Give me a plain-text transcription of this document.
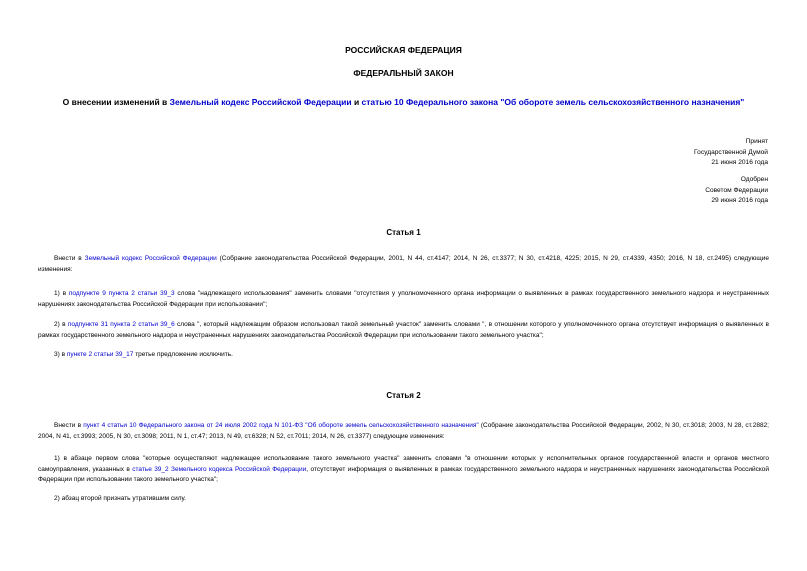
РОССИЙСКАЯ ФЕДЕРАЦИЯ
ФЕДЕРАЛЬНЫЙ ЗАКОН
О внесении изменений в Земельный кодекс Российской Федерации и статью 10 Федерального закона "Об обороте земель сельскохозяйственного назначения"
Принят
Государственной Думой
21 июня 2016 года
Одобрен
Советом Федерации
29 июня 2016 года
Статья 1
Внести в Земельный кодекс Российской Федерации (Собрание законодательства Российской Федерации, 2001, N 44, ст.4147; 2014, N 26, ст.3377; N 30, ст.4218, 4225; 2015, N 29, ст.4339, 4350; 2016, N 18, ст.2495) следующие изменения:
1) в подпункте 9 пункта 2 статьи 39_3 слова "надлежащего использования" заменить словами "отсутствия у уполномоченного органа информации о выявленных в рамках государственного земельного надзора и неустраненных нарушениях законодательства Российской Федерации при использовании";
2) в подпункте 31 пункта 2 статьи 39_6 слова ", который надлежащим образом использовал такой земельный участок" заменить словами ", в отношении которого у уполномоченного органа отсутствует информация о выявленных в рамках государственного земельного надзора и неустраненных нарушениях законодательства Российской Федерации при использовании такого земельного участка";
3) в пункте 2 статьи 39_17 третье предложение исключить.
Статья 2
Внести в пункт 4 статьи 10 Федерального закона от 24 июля 2002 года N 101-ФЗ "Об обороте земель сельскохозяйственного назначения" (Собрание законодательства Российской Федерации, 2002, N 30, ст.3018; 2003, N 28, ст.2882; 2004, N 41, ст.3993; 2005, N 30, ст.3098; 2011, N 1, ст.47; 2013, N 49, ст.6328; N 52, ст.7011; 2014, N 26, ст.3377) следующие изменения:
1) в абзаце первом слова "которые осуществляют надлежащее использование такого земельного участка" заменить словами "в отношении которых у исполнительных органов государственной власти и органов местного самоуправления, указанных в статье 39_2 Земельного кодекса Российской Федерации, отсутствует информация о выявленных в рамках государственного земельного надзора и неустраненных нарушениях законодательства Российской Федерации при использовании такого земельного участка";
2) абзац второй признать утратившим силу.
